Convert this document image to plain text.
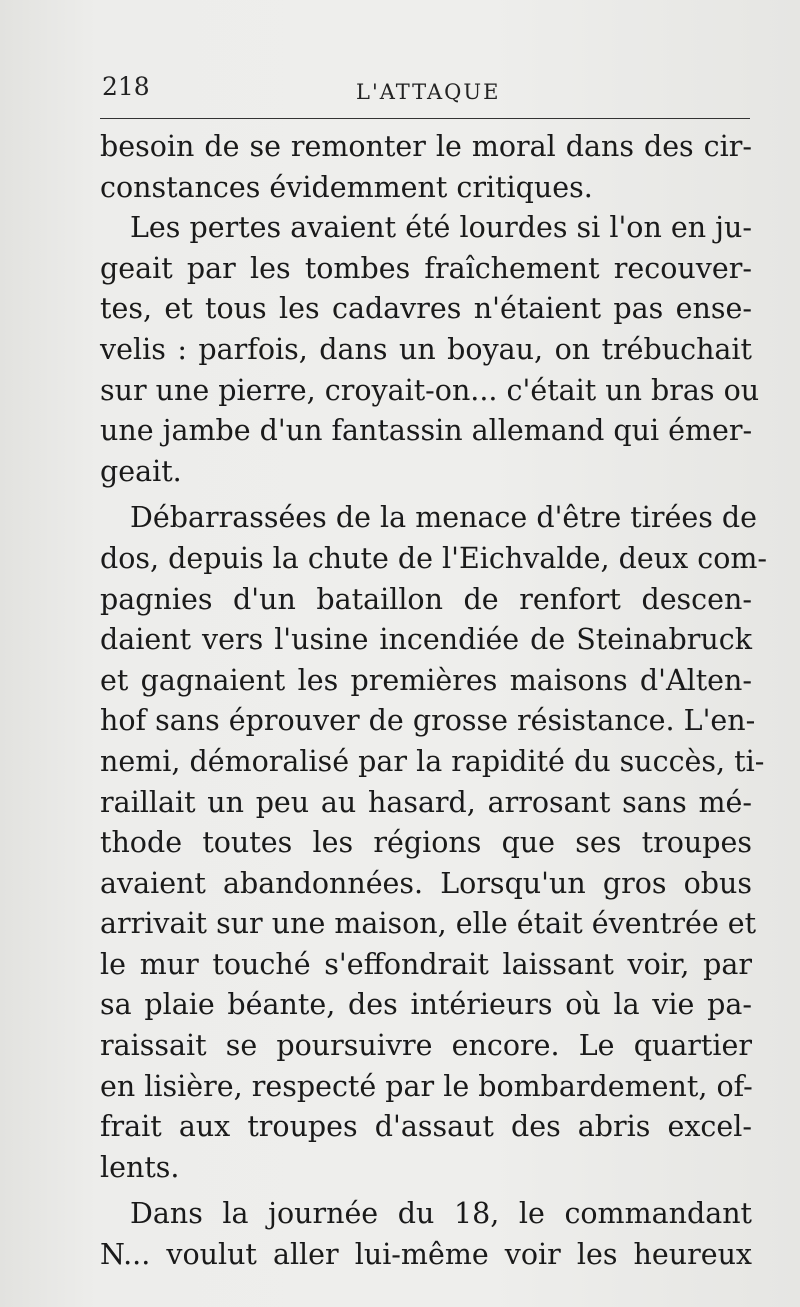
218	L'ATTAQUE
besoin de se remonter le moral dans des cir-
constances évidemment critiques.
Les pertes avaient été lourdes si l'on en ju-
geait par les tombes fraîchement recouver-
tes, et tous les cadavres n'étaient pas ense-
velis : parfois, dans un boyau, on trébuchait
sur une pierre, croyait-on... c'était un bras ou
une jambe d'un fantassin allemand qui émer-
geait.
Débarrassées de la menace d'être tirées de
dos, depuis la chute de l'Eichvalde, deux com-
pagnies d'un bataillon de renfort descen-
daient vers l'usine incendiée de Steinabruck
et gagnaient les premières maisons d'Alten-
hof sans éprouver de grosse résistance. L'en-
nemi, démoralisé par la rapidité du succès, ti-
raillait un peu au hasard, arrosant sans mé-
thode toutes les régions que ses troupes
avaient abandonnées. Lorsqu'un gros obus
arrivait sur une maison, elle était éventrée et
le mur touché s'effondrait laissant voir, par
sa plaie béante, des intérieurs où la vie pa-
raissait se poursuivre encore. Le quartier
en lisière, respecté par le bombardement, of-
frait aux troupes d'assaut des abris excel-
lents.
Dans la journée du 18, le commandant
N... voulut aller lui-même voir les heureux
